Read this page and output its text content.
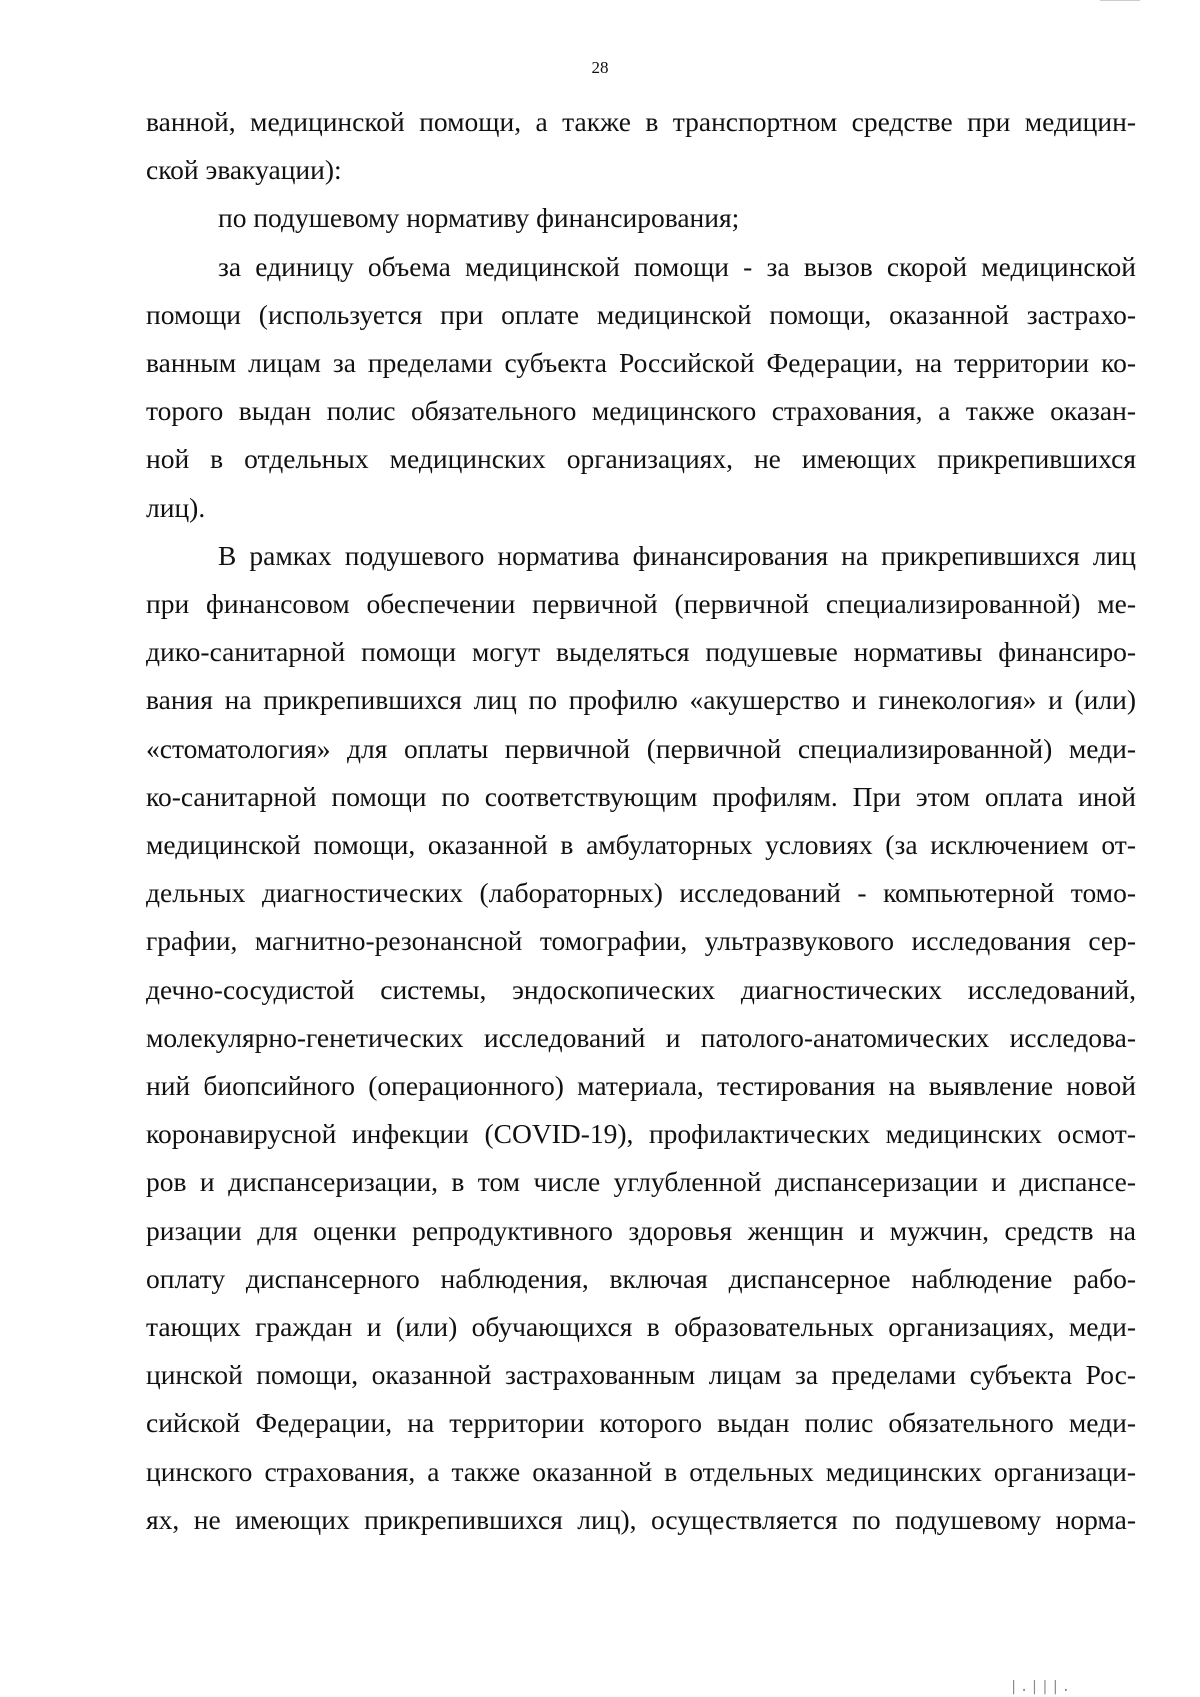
28
ванной, медицинской помощи, а также в транспортном средстве при медицин-
ской эвакуации):
по подушевому нормативу финансирования;
за единицу объема медицинской помощи - за вызов скорой медицинской
помощи (используется при оплате медицинской помощи, оказанной застрахо-
ванным лицам за пределами субъекта Российской Федерации, на территории ко-
торого выдан полис обязательного медицинского страхования, а также оказан-
ной в отдельных медицинских организациях, не имеющих прикрепившихся
лиц).
В рамках подушевого норматива финансирования на прикрепившихся лиц
при финансовом обеспечении первичной (первичной специализированной) ме-
дико-санитарной помощи могут выделяться подушевые нормативы финансиро-
вания на прикрепившихся лиц по профилю «акушерство и гинекология» и (или)
«стоматология» для оплаты первичной (первичной специализированной) меди-
ко-санитарной помощи по соответствующим профилям. При этом оплата иной
медицинской помощи, оказанной в амбулаторных условиях (за исключением от-
дельных диагностических (лабораторных) исследований - компьютерной томо-
графии, магнитно-резонансной томографии, ультразвукового исследования сер-
дечно-сосудистой системы, эндоскопических диагностических исследований,
молекулярно-генетических исследований и патолого-анатомических исследова-
ний биопсийного (операционного) материала, тестирования на выявление новой
коронавирусной инфекции (COVID-19), профилактических медицинских осмот-
ров и диспансеризации, в том числе углубленной диспансеризации и диспансе-
ризации для оценки репродуктивного здоровья женщин и мужчин, средств на
оплату диспансерного наблюдения, включая диспансерное наблюдение рабо-
тающих граждан и (или) обучающихся в образовательных организациях, меди-
цинской помощи, оказанной застрахованным лицам за пределами субъекта Рос-
сийской Федерации, на территории которого выдан полис обязательного меди-
цинского страхования, а также оказанной в отдельных медицинских организаци-
ях, не имеющих прикрепившихся лиц), осуществляется по подушевому норма-
|.|||.
